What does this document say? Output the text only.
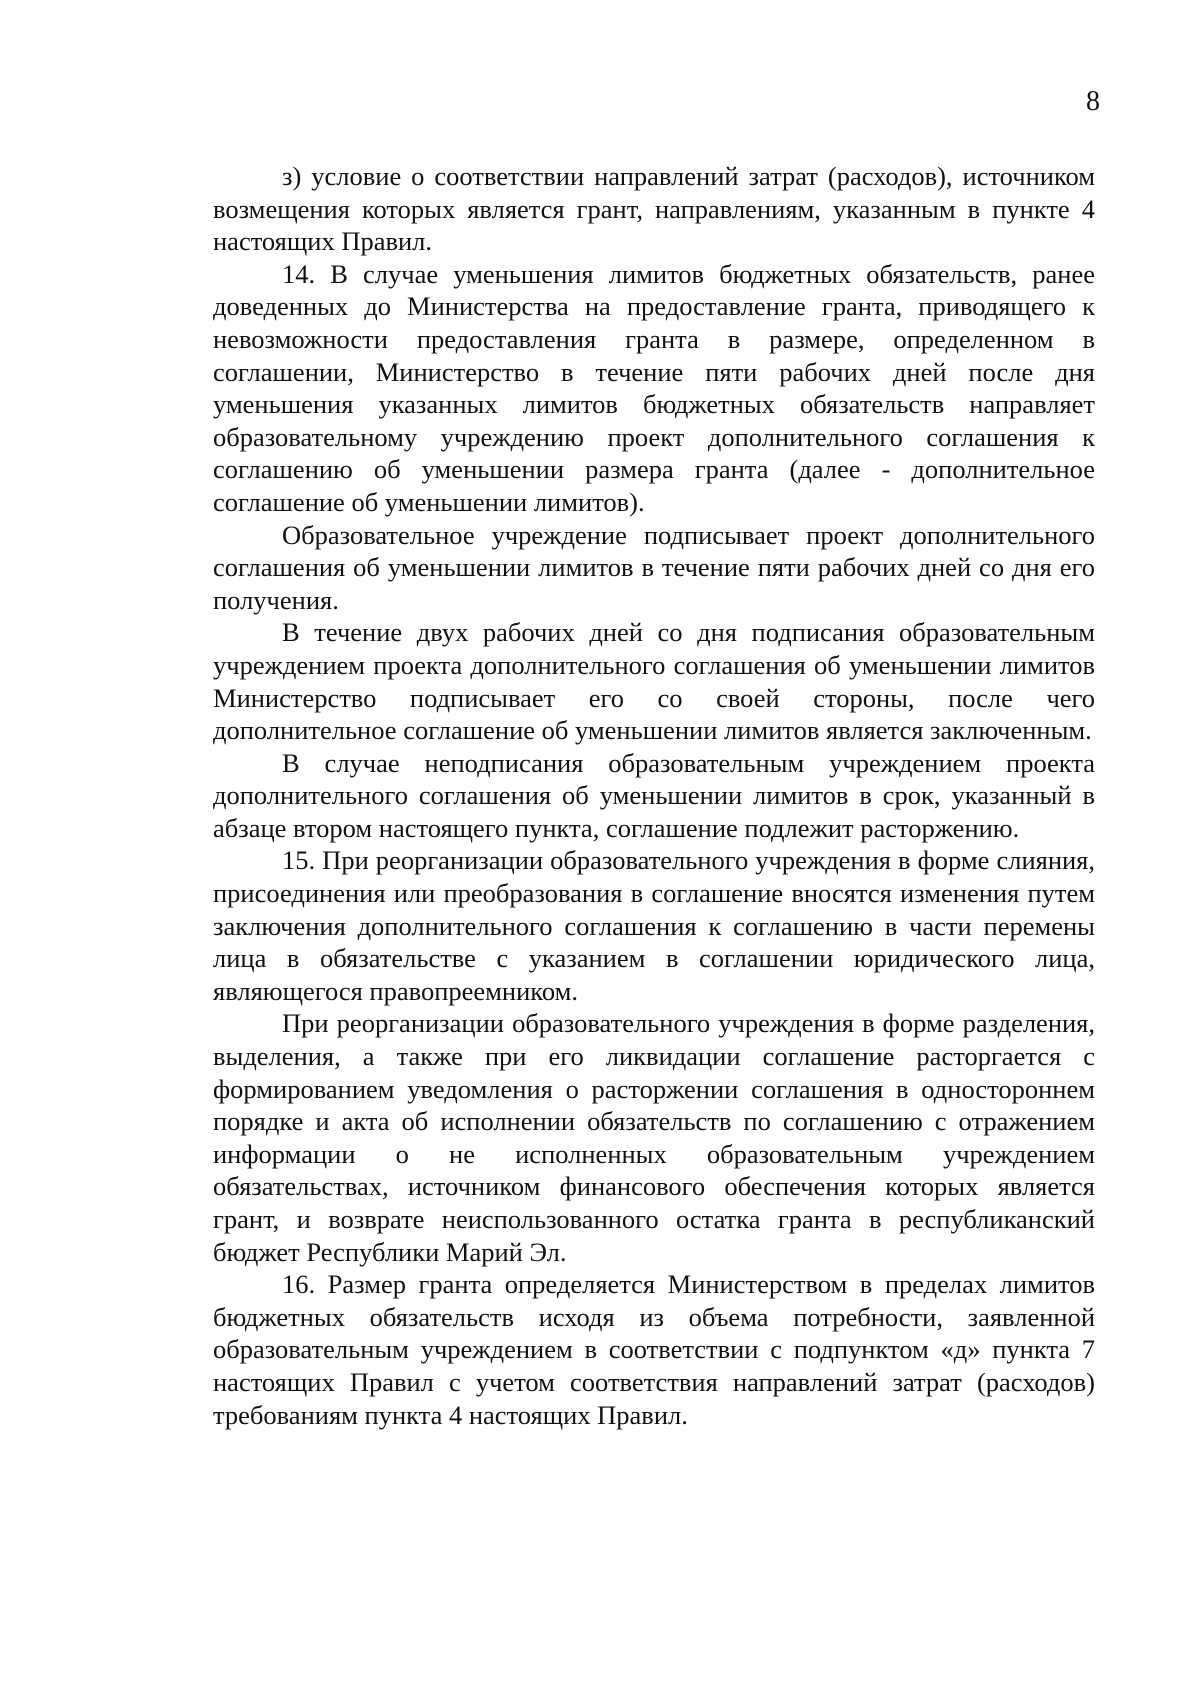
8

з) условие о соответствии направлений затрат (расходов), источником возмещения которых является грант, направлениям, указанным в пункте 4 настоящих Правил.

14. В случае уменьшения лимитов бюджетных обязательств, ранее доведенных до Министерства на предоставление гранта, приводящего к невозможности предоставления гранта в размере, определенном в соглашении, Министерство в течение пяти рабочих дней после дня уменьшения указанных лимитов бюджетных обязательств направляет образовательному учреждению проект дополнительного соглашения к соглашению об уменьшении размера гранта (далее - дополнительное соглашение об уменьшении лимитов).

Образовательное учреждение подписывает проект дополнительного соглашения об уменьшении лимитов в течение пяти рабочих дней со дня его получения.

В течение двух рабочих дней со дня подписания образовательным учреждением проекта дополнительного соглашения об уменьшении лимитов Министерство подписывает его со своей стороны, после чего дополнительное соглашение об уменьшении лимитов является заключенным.

В случае неподписания образовательным учреждением проекта дополнительного соглашения об уменьшении лимитов в срок, указанный в абзаце втором настоящего пункта, соглашение подлежит расторжению.

15. При реорганизации образовательного учреждения в форме слияния, присоединения или преобразования в соглашение вносятся изменения путем заключения дополнительного соглашения к соглашению в части перемены лица в обязательстве с указанием в соглашении юридического лица, являющегося правопреемником.

При реорганизации образовательного учреждения в форме разделения, выделения, а также при его ликвидации соглашение расторгается с формированием уведомления о расторжении соглашения в одностороннем порядке и акта об исполнении обязательств по соглашению с отражением информации о не исполненных образовательным учреждением обязательствах, источником финансового обеспечения которых является грант, и возврате неиспользованного остатка гранта в республиканский бюджет Республики Марий Эл.

16. Размер гранта определяется Министерством в пределах лимитов бюджетных обязательств исходя из объема потребности, заявленной образовательным учреждением в соответствии с подпунктом «д» пункта 7 настоящих Правил с учетом соответствия направлений затрат (расходов) требованиям пункта 4 настоящих Правил.
